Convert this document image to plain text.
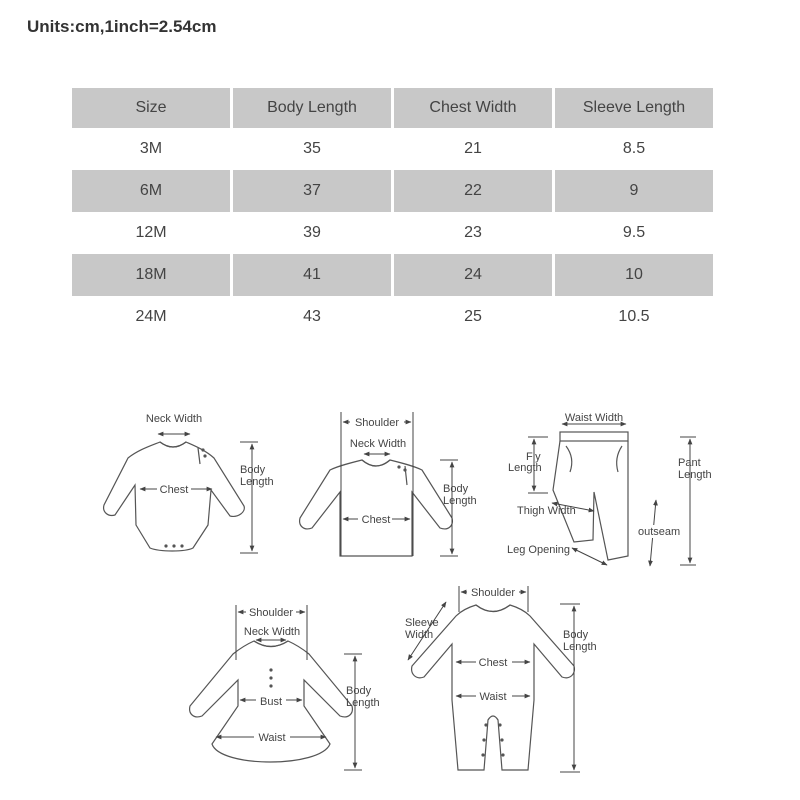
Units:cm,1inch=2.54cm
Size	Body Length	Chest Width	Sleeve Length
3M	35	21	8.5
6M	37	22	9
12M	39	23	9.5
18M	41	24	10
24M	43	25	10.5
Neck Width
Chest
Body
Length
Shoulder
Neck Width
Chest
Body
Length
Waist Width
Fly
Length	Pant
Length
Thigh Width
outseam
Leg Opening
Shoulder
Neck Width
Bust
Waist
Body
Length
Shoulder
Sleeve
Width
Chest
Waist
Body
Length
